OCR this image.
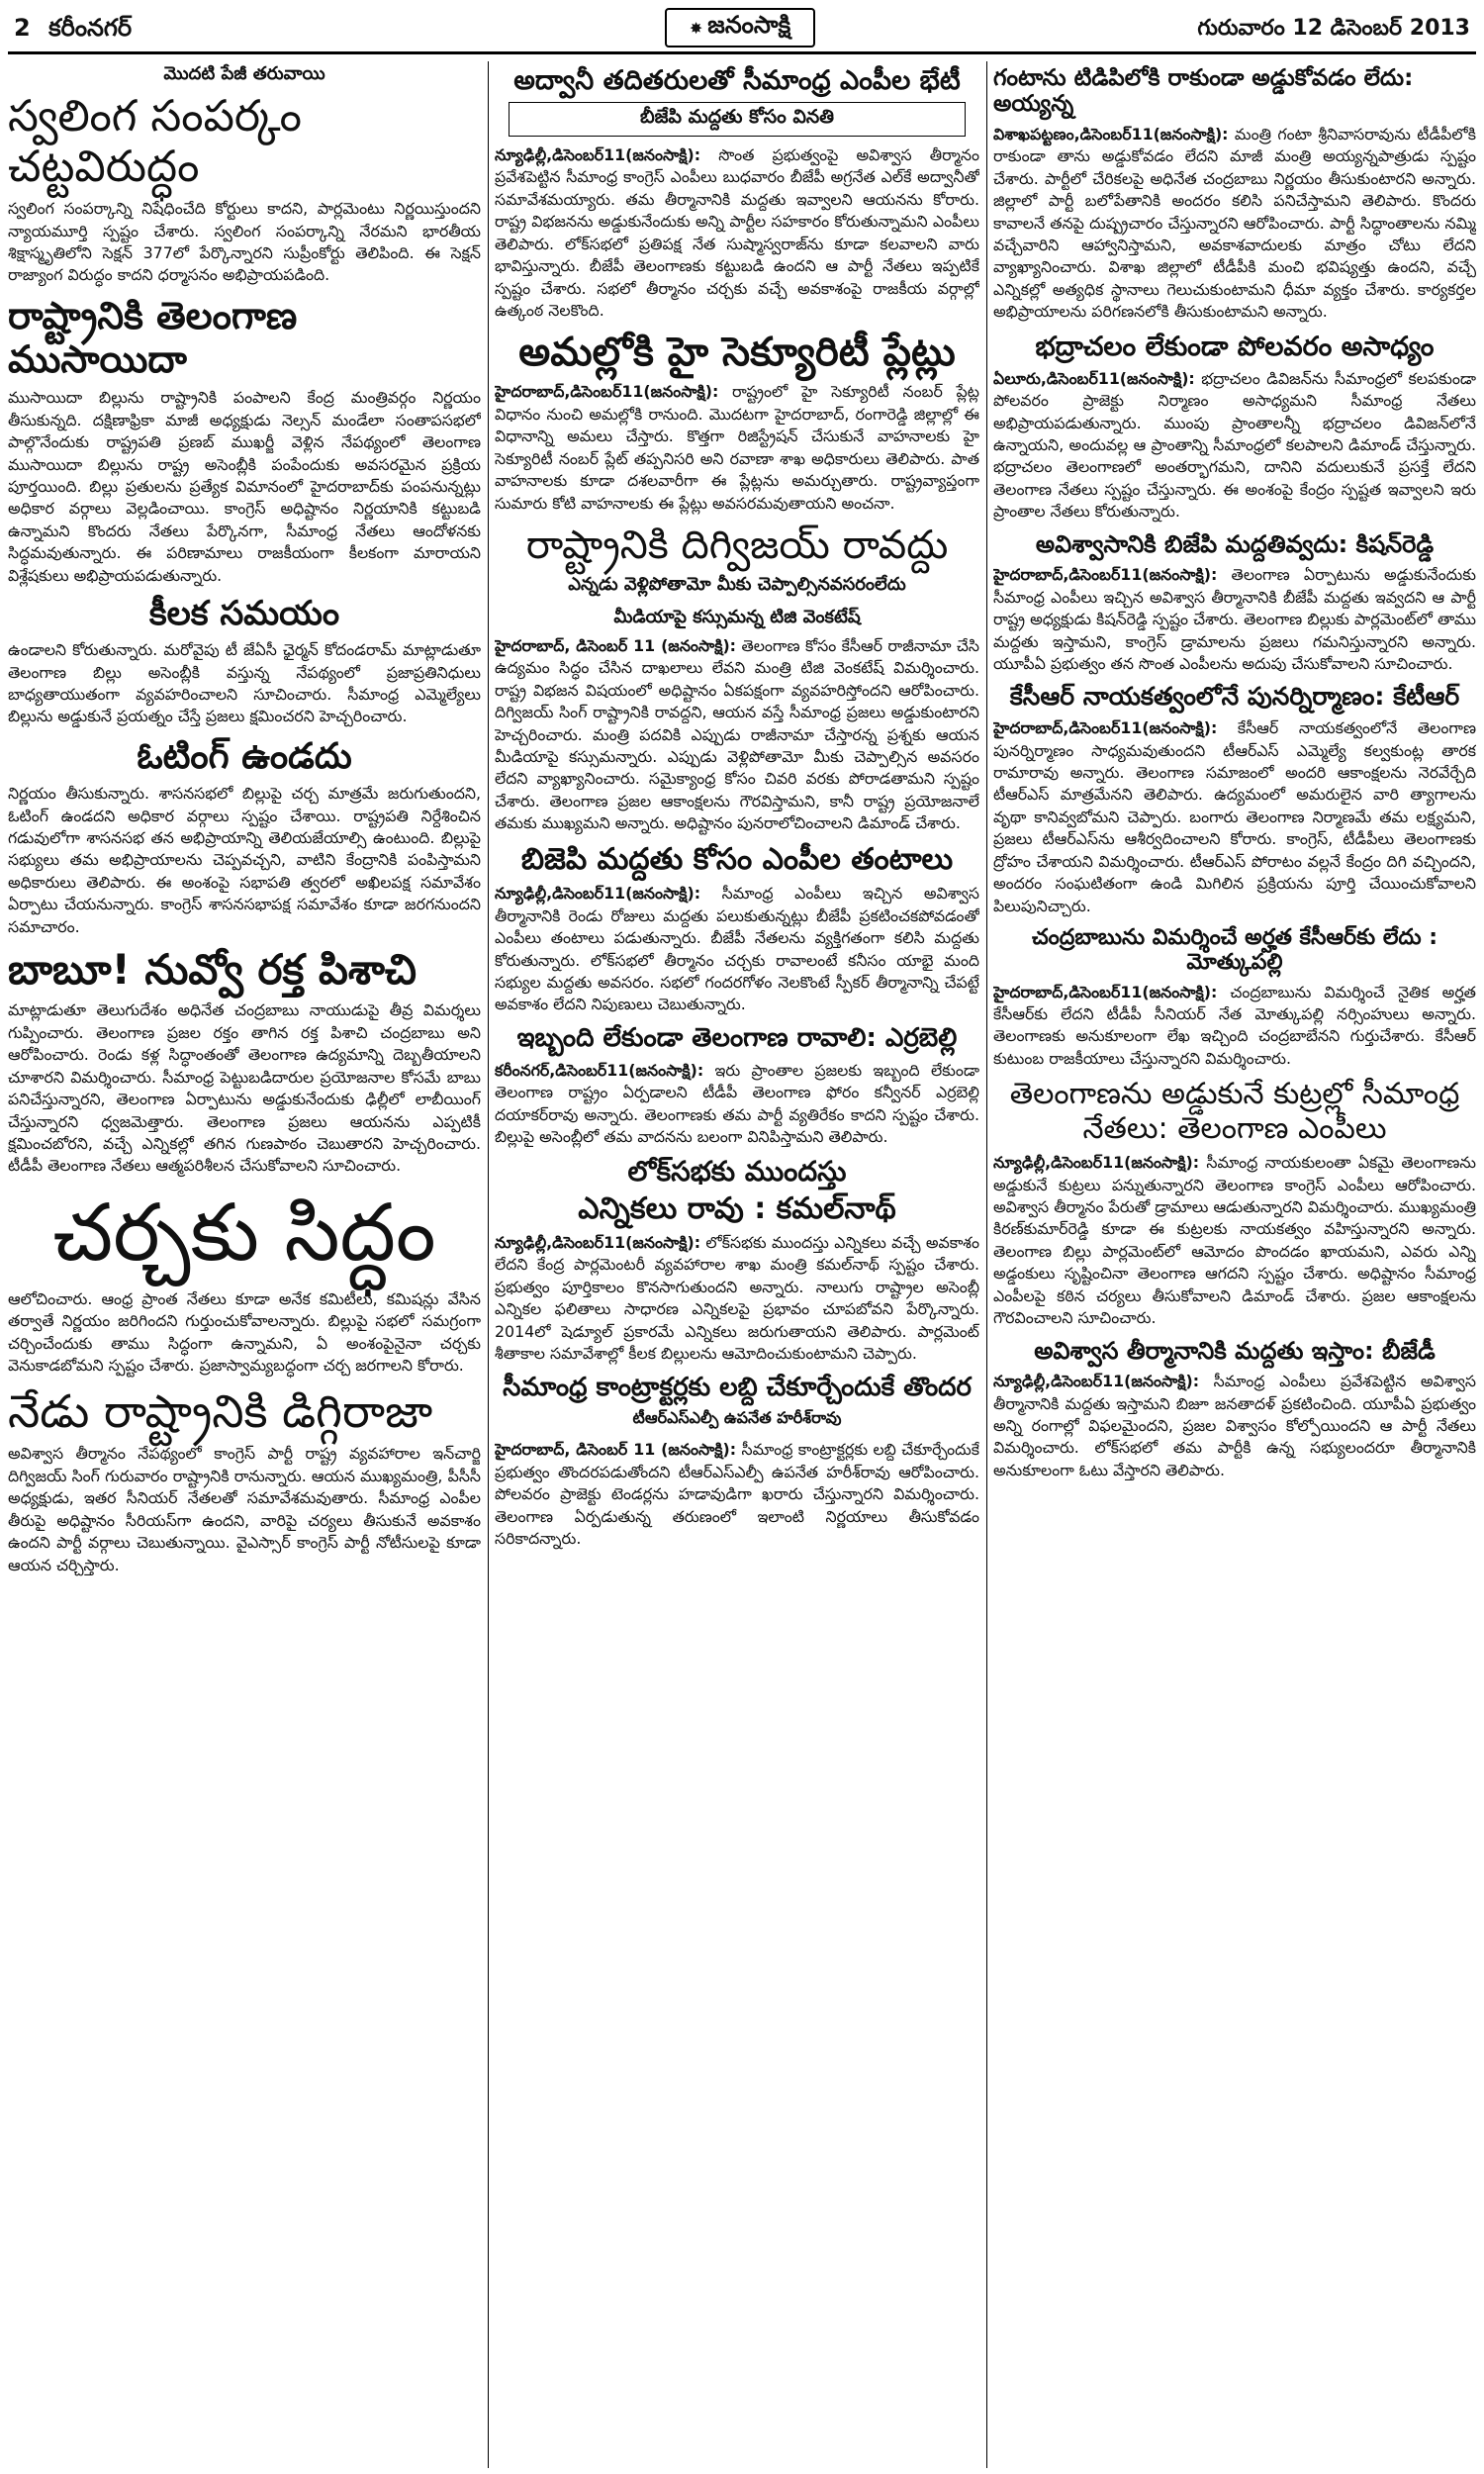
2 కరీంనగర్	✸ జనంసాక్షి	గురువారం 12 డిసెంబర్ 2013
మొదటి పేజీ తరువాయి
స్వలింగ సంపర్కం చట్టవిరుద్ధం

స్వలింగ సంపర్కాన్ని నిషేధించేది కోర్టులు కాదని, పార్లమెంటు నిర్ణయిస్తుందని న్యాయమూర్తి స్పష్టం చేశారు. స్వలింగ సంపర్కాన్ని నేరమని భారతీయ శిక్షాస్మృతిలోని సెక్షన్ 377లో పేర్కొన్నారని సుప్రీంకోర్టు తెలిపింది. ఈ సెక్షన్ రాజ్యాంగ విరుద్ధం కాదని ధర్మాసనం అభిప్రాయపడింది.

రాష్ట్రానికి తెలంగాణ ముసాయిదా

ముసాయిదా బిల్లును రాష్ట్రానికి పంపాలని కేంద్ర మంత్రివర్గం నిర్ణయం తీసుకున్నది. దక్షిణాఫ్రికా మాజీ అధ్యక్షుడు నెల్సన్ మండేలా సంతాపసభలో పాల్గొనేందుకు రాష్ట్రపతి ప్రణబ్ ముఖర్జీ వెళ్లిన నేపథ్యంలో తెలంగాణ ముసాయిదా బిల్లును రాష్ట్ర అసెంబ్లీకి పంపేందుకు అవసరమైన ప్రక్రియ పూర్తయింది. బిల్లు ప్రతులను ప్రత్యేక విమానంలో హైదరాబాద్‌కు పంపనున్నట్లు అధికార వర్గాలు వెల్లడించాయి. కాంగ్రెస్ అధిష్టానం నిర్ణయానికి కట్టుబడి ఉన్నామని కొందరు నేతలు పేర్కొనగా, సీమాంధ్ర నేతలు ఆందోళనకు సిద్ధమవుతున్నారు. ఈ పరిణామాలు రాజకీయంగా కీలకంగా మారాయని విశ్లేషకులు అభిప్రాయపడుతున్నారు.

కీలక సమయం

ఉండాలని కోరుతున్నారు. మరోవైపు టీ జేఏసీ ఛైర్మన్ కోదండరామ్ మాట్లాడుతూ తెలంగాణ బిల్లు అసెంబ్లీకి వస్తున్న నేపథ్యంలో ప్రజాప్రతినిధులు బాధ్యతాయుతంగా వ్యవహరించాలని సూచించారు. సీమాంధ్ర ఎమ్మెల్యేలు బిల్లును అడ్డుకునే ప్రయత్నం చేస్తే ప్రజలు క్షమించరని హెచ్చరించారు.

ఓటింగ్ ఉండదు

నిర్ణయం తీసుకున్నారు. శాసనసభలో బిల్లుపై చర్చ మాత్రమే జరుగుతుందని, ఓటింగ్ ఉండదని అధికార వర్గాలు స్పష్టం చేశాయి. రాష్ట్రపతి నిర్దేశించిన గడువులోగా శాసనసభ తన అభిప్రాయాన్ని తెలియజేయాల్సి ఉంటుంది. బిల్లుపై సభ్యులు తమ అభిప్రాయాలను చెప్పవచ్చని, వాటిని కేంద్రానికి పంపిస్తామని అధికారులు తెలిపారు. ఈ అంశంపై సభాపతి త్వరలో అఖిలపక్ష సమావేశం ఏర్పాటు చేయనున్నారు. కాంగ్రెస్ శాసనసభాపక్ష సమావేశం కూడా జరగనుందని సమాచారం.

బాబూ! నువ్వో రక్త పిశాచి

మాట్లాడుతూ తెలుగుదేశం అధినేత చంద్రబాబు నాయుడుపై తీవ్ర విమర్శలు గుప్పించారు. తెలంగాణ ప్రజల రక్తం తాగిన రక్త పిశాచి చంద్రబాబు అని ఆరోపించారు. రెండు కళ్ల సిద్ధాంతంతో తెలంగాణ ఉద్యమాన్ని దెబ్బతీయాలని చూశారని విమర్శించారు. సీమాంధ్ర పెట్టుబడిదారుల ప్రయోజనాల కోసమే బాబు పనిచేస్తున్నారని, తెలంగాణ ఏర్పాటును అడ్డుకునేందుకు ఢిల్లీలో లాబీయింగ్ చేస్తున్నారని ధ్వజమెత్తారు. తెలంగాణ ప్రజలు ఆయనను ఎప్పటికీ క్షమించబోరని, వచ్చే ఎన్నికల్లో తగిన గుణపాఠం చెబుతారని హెచ్చరించారు. టీడీపీ తెలంగాణ నేతలు ఆత్మపరిశీలన చేసుకోవాలని సూచించారు.

చర్చకు సిద్ధం

ఆలోచించారు. ఆంధ్ర ప్రాంత నేతలు కూడా అనేక కమిటీలు, కమిషన్లు వేసిన తర్వాతే నిర్ణయం జరిగిందని గుర్తుంచుకోవాలన్నారు. బిల్లుపై సభలో సమగ్రంగా చర్చించేందుకు తాము సిద్ధంగా ఉన్నామని, ఏ అంశంపైనైనా చర్చకు వెనుకాడబోమని స్పష్టం చేశారు. ప్రజాస్వామ్యబద్ధంగా చర్చ జరగాలని కోరారు.

నేడు రాష్ట్రానికి డిగ్గిరాజా

అవిశ్వాస తీర్మానం నేపథ్యంలో కాంగ్రెస్ పార్టీ రాష్ట్ర వ్యవహారాల ఇన్‌చార్జి దిగ్విజయ్ సింగ్ గురువారం రాష్ట్రానికి రానున్నారు. ఆయన ముఖ్యమంత్రి, పీసీసీ అధ్యక్షుడు, ఇతర సీనియర్ నేతలతో సమావేశమవుతారు. సీమాంధ్ర ఎంపీల తీరుపై అధిష్టానం సీరియస్‌గా ఉందని, వారిపై చర్యలు తీసుకునే అవకాశం ఉందని పార్టీ వర్గాలు చెబుతున్నాయి. వైఎస్సార్ కాంగ్రెస్ పార్టీ నోటీసులపై కూడా ఆయన చర్చిస్తారు.

అద్వానీ తదితరులతో సీమాంధ్ర ఎంపీల భేటీ
బీజేపి మద్దతు కోసం వినతి

న్యూఢిల్లీ,డిసెంబర్11(జనంసాక్షి): సొంత ప్రభుత్వంపై అవిశ్వాస తీర్మానం ప్రవేశపెట్టిన సీమాంధ్ర కాంగ్రెస్ ఎంపీలు బుధవారం బీజేపీ అగ్రనేత ఎల్‌కే అద్వానీతో సమావేశమయ్యారు. తమ తీర్మానానికి మద్దతు ఇవ్వాలని ఆయనను కోరారు. రాష్ట్ర విభజనను అడ్డుకునేందుకు అన్ని పార్టీల సహకారం కోరుతున్నామని ఎంపీలు తెలిపారు. లోక్‌సభలో ప్రతిపక్ష నేత సుష్మాస్వరాజ్‌ను కూడా కలవాలని వారు భావిస్తున్నారు. బీజేపీ తెలంగాణకు కట్టుబడి ఉందని ఆ పార్టీ నేతలు ఇప్పటికే స్పష్టం చేశారు. సభలో తీర్మానం చర్చకు వచ్చే అవకాశంపై రాజకీయ వర్గాల్లో ఉత్కంఠ నెలకొంది.

అమల్లోకి హై సెక్యూరిటీ ప్లేట్లు

హైదరాబాద్,డిసెంబర్11(జనంసాక్షి): రాష్ట్రంలో హై సెక్యూరిటీ నంబర్ ప్లేట్ల విధానం నుంచి అమల్లోకి రానుంది. మొదటగా హైదరాబాద్, రంగారెడ్డి జిల్లాల్లో ఈ విధానాన్ని అమలు చేస్తారు. కొత్తగా రిజిస్ట్రేషన్ చేసుకునే వాహనాలకు హై సెక్యూరిటీ నంబర్ ప్లేట్ తప్పనిసరి అని రవాణా శాఖ అధికారులు తెలిపారు. పాత వాహనాలకు కూడా దశలవారీగా ఈ ప్లేట్లను అమర్చుతారు. రాష్ట్రవ్యాప్తంగా సుమారు కోటి వాహనాలకు ఈ ప్లేట్లు అవసరమవుతాయని అంచనా.

రాష్ట్రానికి దిగ్విజయ్ రావద్దు
ఎన్నడు వెళ్లిపోతామో మీకు చెప్పాల్సినవసరంలేదు
మీడియాపై కస్సుమన్న టిజి వెంకటేష్

హైదరాబాద్, డిసెంబర్ 11 (జనంసాక్షి): తెలంగాణ కోసం కేసీఆర్ రాజీనామా చేసి ఉద్యమం సిద్ధం చేసిన దాఖలాలు లేవని మంత్రి టిజి వెంకటేష్ విమర్శించారు. రాష్ట్ర విభజన విషయంలో అధిష్టానం ఏకపక్షంగా వ్యవహరిస్తోందని ఆరోపించారు. దిగ్విజయ్ సింగ్ రాష్ట్రానికి రావద్దని, ఆయన వస్తే సీమాంధ్ర ప్రజలు అడ్డుకుంటారని హెచ్చరించారు. మంత్రి పదవికి ఎప్పుడు రాజీనామా చేస్తారన్న ప్రశ్నకు ఆయన మీడియాపై కస్సుమన్నారు. ఎప్పుడు వెళ్లిపోతామో మీకు చెప్పాల్సిన అవసరం లేదని వ్యాఖ్యానించారు. సమైక్యాంధ్ర కోసం చివరి వరకు పోరాడతామని స్పష్టం చేశారు. తెలంగాణ ప్రజల ఆకాంక్షలను గౌరవిస్తామని, కానీ రాష్ట్ర ప్రయోజనాలే తమకు ముఖ్యమని అన్నారు. అధిష్టానం పునరాలోచించాలని డిమాండ్ చేశారు.

బిజెపి మద్దతు కోసం ఎంపీల తంటాలు

న్యూఢిల్లీ,డిసెంబర్11(జనంసాక్షి): సీమాంధ్ర ఎంపీలు ఇచ్చిన అవిశ్వాస తీర్మానానికి రెండు రోజులు మద్దతు పలుకుతున్నట్లు బీజేపీ ప్రకటించకపోవడంతో ఎంపీలు తంటాలు పడుతున్నారు. బీజేపీ నేతలను వ్యక్తిగతంగా కలిసి మద్దతు కోరుతున్నారు. లోక్‌సభలో తీర్మానం చర్చకు రావాలంటే కనీసం యాభై మంది సభ్యుల మద్దతు అవసరం. సభలో గందరగోళం నెలకొంటే స్పీకర్ తీర్మానాన్ని చేపట్టే అవకాశం లేదని నిపుణులు చెబుతున్నారు.

ఇబ్బంది లేకుండా తెలంగాణ రావాలి: ఎర్రబెల్లి

కరీంనగర్,డిసెంబర్11(జనంసాక్షి): ఇరు ప్రాంతాల ప్రజలకు ఇబ్బంది లేకుండా తెలంగాణ రాష్ట్రం ఏర్పడాలని టీడీపీ తెలంగాణ ఫోరం కన్వీనర్ ఎర్రబెల్లి దయాకర్‌రావు అన్నారు. తెలంగాణకు తమ పార్టీ వ్యతిరేకం కాదని స్పష్టం చేశారు. బిల్లుపై అసెంబ్లీలో తమ వాదనను బలంగా వినిపిస్తామని తెలిపారు.

లోక్‌సభకు ముందస్తు
ఎన్నికలు రావు : కమల్‌నాథ్

న్యూఢిల్లీ,డిసెంబర్11(జనంసాక్షి): లోక్‌సభకు ముందస్తు ఎన్నికలు వచ్చే అవకాశం లేదని కేంద్ర పార్లమెంటరీ వ్యవహారాల శాఖ మంత్రి కమల్‌నాథ్ స్పష్టం చేశారు. ప్రభుత్వం పూర్తికాలం కొనసాగుతుందని అన్నారు. నాలుగు రాష్ట్రాల అసెంబ్లీ ఎన్నికల ఫలితాలు సాధారణ ఎన్నికలపై ప్రభావం చూపబోవని పేర్కొన్నారు. 2014లో షెడ్యూల్ ప్రకారమే ఎన్నికలు జరుగుతాయని తెలిపారు. పార్లమెంట్ శీతాకాల సమావేశాల్లో కీలక బిల్లులను ఆమోదించుకుంటామని చెప్పారు.

సీమాంధ్ర కాంట్రాక్టర్లకు లబ్ది చేకూర్చేందుకే తొందర
టీఆర్ఎస్ఎల్పీ ఉపనేత హరీశ్‌రావు

హైదరాబాద్, డిసెంబర్ 11 (జనంసాక్షి): సీమాంధ్ర కాంట్రాక్టర్లకు లబ్ది చేకూర్చేందుకే ప్రభుత్వం తొందరపడుతోందని టీఆర్ఎస్ఎల్పీ ఉపనేత హరీశ్‌రావు ఆరోపించారు. పోలవరం ప్రాజెక్టు టెండర్లను హడావుడిగా ఖరారు చేస్తున్నారని విమర్శించారు. తెలంగాణ ఏర్పడుతున్న తరుణంలో ఇలాంటి నిర్ణయాలు తీసుకోవడం సరికాదన్నారు.

గంటాను టిడిపిలోకి రాకుండా అడ్డుకోవడం లేదు: అయ్యన్న

విశాఖపట్టణం,డిసెంబర్11(జనంసాక్షి): మంత్రి గంటా శ్రీనివాసరావును టీడీపీలోకి రాకుండా తాను అడ్డుకోవడం లేదని మాజీ మంత్రి అయ్యన్నపాత్రుడు స్పష్టం చేశారు. పార్టీలో చేరికలపై అధినేత చంద్రబాబు నిర్ణయం తీసుకుంటారని అన్నారు. జిల్లాలో పార్టీ బలోపేతానికి అందరం కలిసి పనిచేస్తామని తెలిపారు. కొందరు కావాలనే తనపై దుష్ప్రచారం చేస్తున్నారని ఆరోపించారు. పార్టీ సిద్ధాంతాలను నమ్మి వచ్చేవారిని ఆహ్వానిస్తామని, అవకాశవాదులకు మాత్రం చోటు లేదని వ్యాఖ్యానించారు. విశాఖ జిల్లాలో టీడీపీకి మంచి భవిష్యత్తు ఉందని, వచ్చే ఎన్నికల్లో అత్యధిక స్థానాలు గెలుచుకుంటామని ధీమా వ్యక్తం చేశారు. కార్యకర్తల అభిప్రాయాలను పరిగణనలోకి తీసుకుంటామని అన్నారు.

భద్రాచలం లేకుండా పోలవరం అసాధ్యం

ఏలూరు,డిసెంబర్11(జనంసాక్షి): భద్రాచలం డివిజన్‌ను సీమాంధ్రలో కలపకుండా పోలవరం ప్రాజెక్టు నిర్మాణం అసాధ్యమని సీమాంధ్ర నేతలు అభిప్రాయపడుతున్నారు. ముంపు ప్రాంతాలన్నీ భద్రాచలం డివిజన్‌లోనే ఉన్నాయని, అందువల్ల ఆ ప్రాంతాన్ని సీమాంధ్రలో కలపాలని డిమాండ్ చేస్తున్నారు. భద్రాచలం తెలంగాణలో అంతర్భాగమని, దానిని వదులుకునే ప్రసక్తే లేదని తెలంగాణ నేతలు స్పష్టం చేస్తున్నారు. ఈ అంశంపై కేంద్రం స్పష్టత ఇవ్వాలని ఇరు ప్రాంతాల నేతలు కోరుతున్నారు.

అవిశ్వాసానికి బిజేపి మద్దతివ్వదు: కిషన్‌రెడ్డి

హైదరాబాద్,డిసెంబర్11(జనంసాక్షి): తెలంగాణ ఏర్పాటును అడ్డుకునేందుకు సీమాంధ్ర ఎంపీలు ఇచ్చిన అవిశ్వాస తీర్మానానికి బీజేపీ మద్దతు ఇవ్వదని ఆ పార్టీ రాష్ట్ర అధ్యక్షుడు కిషన్‌రెడ్డి స్పష్టం చేశారు. తెలంగాణ బిల్లుకు పార్లమెంట్‌లో తాము మద్దతు ఇస్తామని, కాంగ్రెస్ డ్రామాలను ప్రజలు గమనిస్తున్నారని అన్నారు. యూపీఏ ప్రభుత్వం తన సొంత ఎంపీలను అదుపు చేసుకోవాలని సూచించారు.

కేసీఆర్ నాయకత్వంలోనే పునర్నిర్మాణం: కేటీఆర్

హైదరాబాద్,డిసెంబర్11(జనంసాక్షి): కేసీఆర్ నాయకత్వంలోనే తెలంగాణ పునర్నిర్మాణం సాధ్యమవుతుందని టీఆర్ఎస్ ఎమ్మెల్యే కల్వకుంట్ల తారక రామారావు అన్నారు. తెలంగాణ సమాజంలో అందరి ఆకాంక్షలను నెరవేర్చేది టీఆర్ఎస్ మాత్రమేనని తెలిపారు. ఉద్యమంలో అమరులైన వారి త్యాగాలను వృథా కానివ్వబోమని చెప్పారు. బంగారు తెలంగాణ నిర్మాణమే తమ లక్ష్యమని, ప్రజలు టీఆర్ఎస్‌ను ఆశీర్వదించాలని కోరారు. కాంగ్రెస్, టీడీపీలు తెలంగాణకు ద్రోహం చేశాయని విమర్శించారు. టీఆర్ఎస్ పోరాటం వల్లనే కేంద్రం దిగి వచ్చిందని, అందరం సంఘటితంగా ఉండి మిగిలిన ప్రక్రియను పూర్తి చేయించుకోవాలని పిలుపునిచ్చారు.

చంద్రబాబును విమర్శించే అర్హత కేసీఆర్‌కు లేదు : మోత్కుపల్లి

హైదరాబాద్,డిసెంబర్11(జనంసాక్షి): చంద్రబాబును విమర్శించే నైతిక అర్హత కేసీఆర్‌కు లేదని టీడీపీ సీనియర్ నేత మోత్కుపల్లి నర్సింహులు అన్నారు. తెలంగాణకు అనుకూలంగా లేఖ ఇచ్చింది చంద్రబాబేనని గుర్తుచేశారు. కేసీఆర్ కుటుంబ రాజకీయాలు చేస్తున్నారని విమర్శించారు.

తెలంగాణను అడ్డుకునే కుట్రల్లో సీమాంధ్ర నేతలు: తెలంగాణ ఎంపీలు

న్యూఢిల్లీ,డిసెంబర్11(జనంసాక్షి): సీమాంధ్ర నాయకులంతా ఏకమై తెలంగాణను అడ్డుకునే కుట్రలు పన్నుతున్నారని తెలంగాణ కాంగ్రెస్ ఎంపీలు ఆరోపించారు. అవిశ్వాస తీర్మానం పేరుతో డ్రామాలు ఆడుతున్నారని విమర్శించారు. ముఖ్యమంత్రి కిరణ్‌కుమార్‌రెడ్డి కూడా ఈ కుట్రలకు నాయకత్వం వహిస్తున్నారని అన్నారు. తెలంగాణ బిల్లు పార్లమెంట్‌లో ఆమోదం పొందడం ఖాయమని, ఎవరు ఎన్ని అడ్డంకులు సృష్టించినా తెలంగాణ ఆగదని స్పష్టం చేశారు. అధిష్టానం సీమాంధ్ర ఎంపీలపై కఠిన చర్యలు తీసుకోవాలని డిమాండ్ చేశారు. ప్రజల ఆకాంక్షలను గౌరవించాలని సూచించారు.

అవిశ్వాస తీర్మానానికి మద్దతు ఇస్తాం: బీజేడీ

న్యూఢిల్లీ,డిసెంబర్11(జనంసాక్షి): సీమాంధ్ర ఎంపీలు ప్రవేశపెట్టిన అవిశ్వాస తీర్మానానికి మద్దతు ఇస్తామని బిజూ జనతాదళ్ ప్రకటించింది. యూపీఏ ప్రభుత్వం అన్ని రంగాల్లో విఫలమైందని, ప్రజల విశ్వాసం కోల్పోయిందని ఆ పార్టీ నేతలు విమర్శించారు. లోక్‌సభలో తమ పార్టీకి ఉన్న సభ్యులందరూ తీర్మానానికి అనుకూలంగా ఓటు వేస్తారని తెలిపారు.
